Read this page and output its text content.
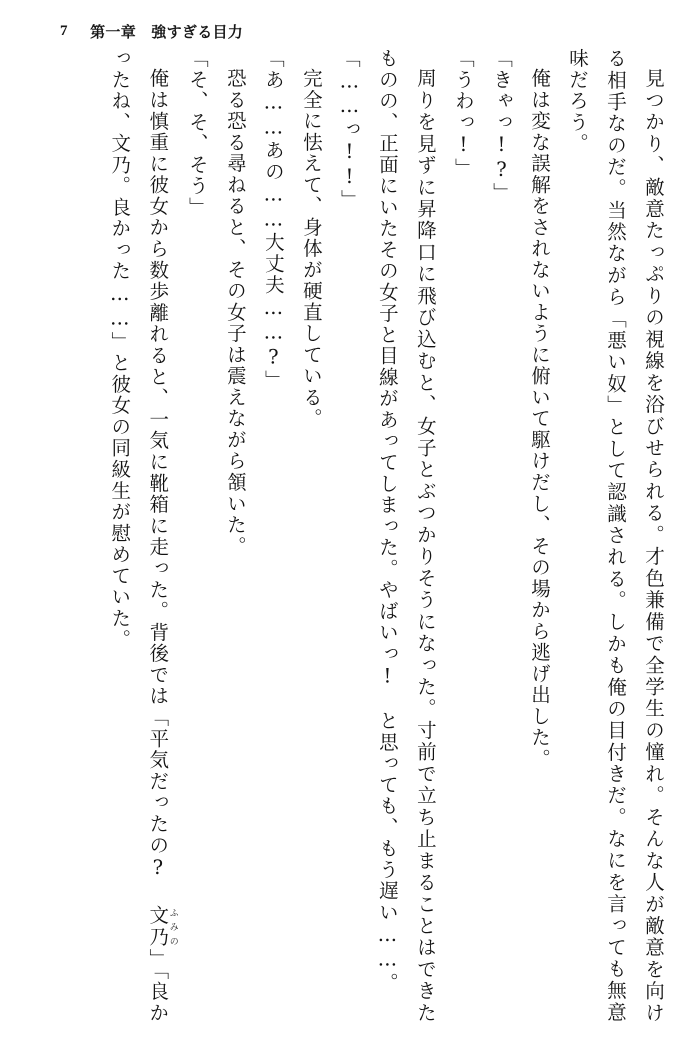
7 第一章　強すぎる目力

見つかり、敵意たっぷりの視線を浴びせられる。才色兼備で全学生の憧れ。そんな人が敵意を向ける相手なのだ。当然ながら「悪い奴」として認識される。しかも俺の目付きだ。なにを言っても無意味だろう。

俺は変な誤解をされないように俯いて駆けだし、その場から逃げ出した。

「きゃっ!?」

「うわっ!」

周りを見ずに昇降口に飛び込むと、女子とぶつかりそうになった。寸前で立ち止まることはできたものの、正面にいたその女子と目線があってしまった。やばいっ!　と思っても、もう遅い……。

「……っ!!」

完全に怯えて、身体が硬直している。

「あ……あの……大丈夫……?」

恐る恐る尋ねると、その女子は震えながら頷いた。

「そ、そ、そう」

俺は慎重に彼女から数歩離れると、一気に靴箱に走った。背後では「平気だったの? 文乃ふみの」「良かったね、文乃。良かった……」と彼女の同級生が慰めていた。
